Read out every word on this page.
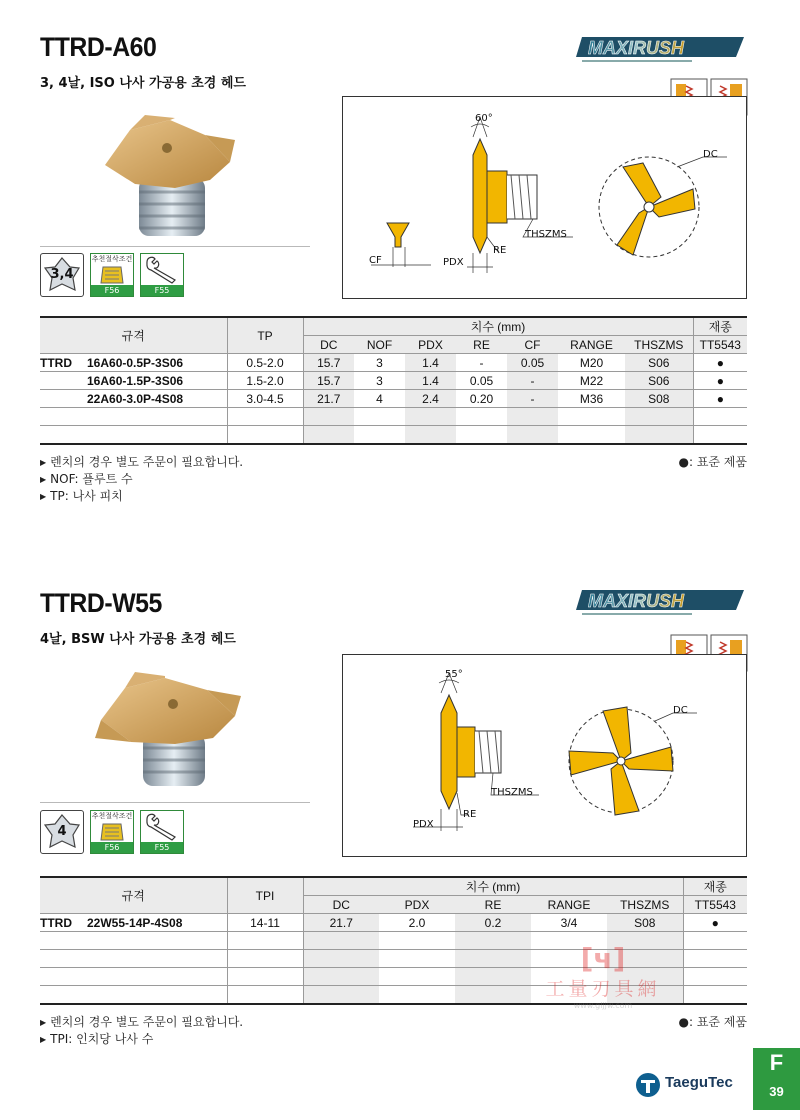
TTRD-A60	MAXIRUSH
3, 4날, ISO 나사 가공용 초경 헤드
3,4
추천절삭조건
F56	F55
60°
CF	PDX
RE
THSZMS
DC
규격		TP	치수 (mm)							재종
			DC	NOF	PDX	RE	CF	RANGE	THSZMS	TT5543
TTRD	16A60-0.5P-3S06	0.5-2.0	15.7	3	1.4	-	0.05	M20	S06	●
	16A60-1.5P-3S06	1.5-2.0	15.7	3	1.4	0.05	-	M22	S06	●
	22A60-3.0P-4S08	3.0-4.5	21.7	4	2.4	0.20	-	M36	S08	●

▶ 렌치의 경우 별도 주문이 필요합니다.
▶ NOF: 플루트 수
▶ TP: 나사 피치
●: 표준 제품
TTRD-W55	MAXIRUSH
4날, BSW 나사 가공용 초경 헤드
4
추천절삭조건
F56	F55
55°
PDX
RE
THSZMS
DC
규격		TPI	치수 (mm)					재종
			DC	PDX	RE	RANGE	THSZMS	TT5543
TTRD	22W55-14P-4S08	14-11	21.7	2.0	0.2	3/4	S08	●

▶ 렌치의 경우 별도 주문이 필요합니다.
▶ TPI: 인치당 나사 수
●: 표준 제품
[ч]
工量刃具網
www.gljjw.com
TaeguTec
F
39
